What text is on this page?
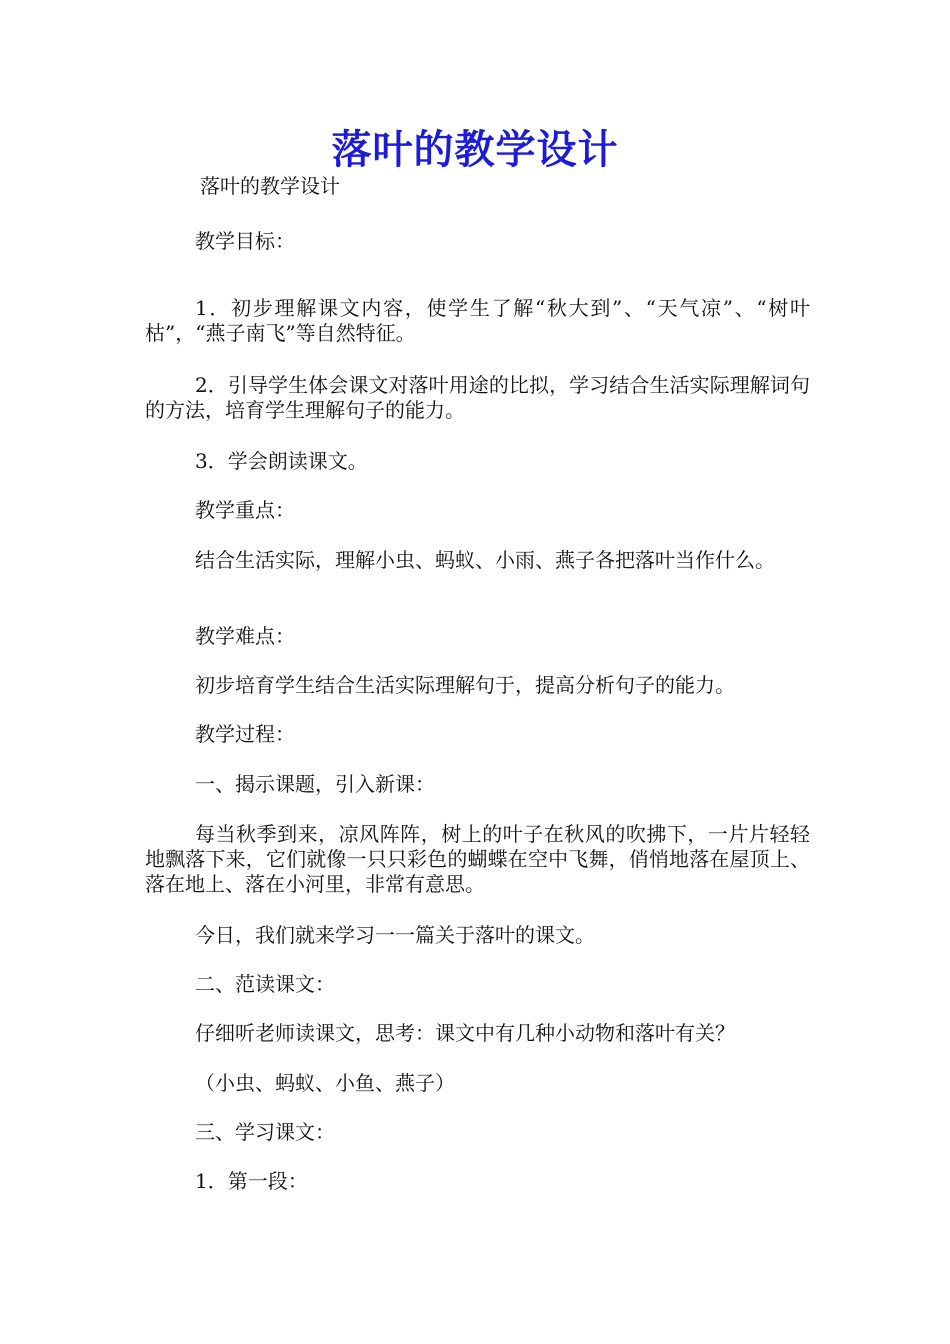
落叶的教学设计

落叶的教学设计

教学目标：

1．初步理解课文内容，使学生了解“秋大到”、“天气凉”、“树叶枯”，“燕子南飞”等自然特征。

2．引导学生体会课文对落叶用途的比拟，学习结合生活实际理解词句的方法，培育学生理解句子的能力。

3．学会朗读课文。

教学重点：

结合生活实际，理解小虫、蚂蚁、小雨、燕子各把落叶当作什么。

教学难点：

初步培育学生结合生活实际理解句于，提高分析句子的能力。

教学过程：

一、揭示课题，引入新课：

每当秋季到来，凉风阵阵，树上的叶子在秋风的吹拂下，一片片轻轻地飘落下来，它们就像一只只彩色的蝴蝶在空中飞舞，俏悄地落在屋顶上、落在地上、落在小河里，非常有意思。

今日，我们就来学习一一篇关于落叶的课文。

二、范读课文：

仔细听老师读课文，思考：课文中有几种小动物和落叶有关？

（小虫、蚂蚁、小鱼、燕子）

三、学习课文：

1．第一段：
